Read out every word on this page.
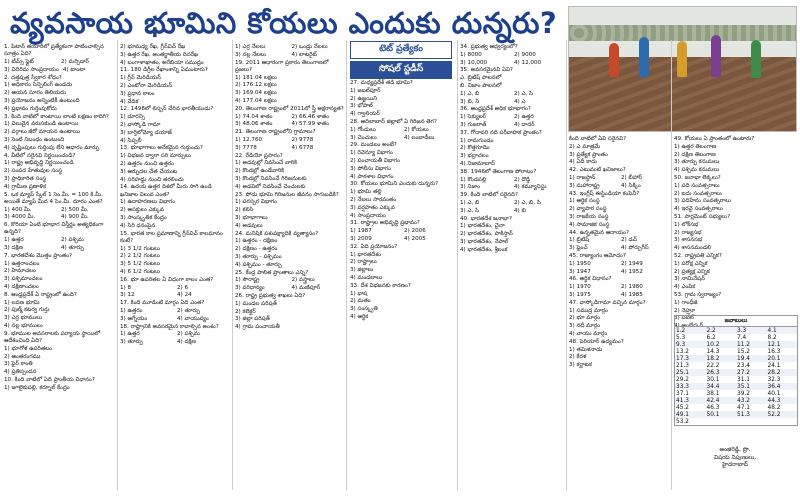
వ్యవసాయ భూమిని కోయలు ఎందుకు దున్నరు?
టెట్ ప్రత్యేకం
సోషల్ స్టడీస్

1. పిటాన్ తయారీలో ప్రత్యేకంగా పాటించాల్సిన సూత్రం ఏది?

1) టీమ్స్ ఫ్లైట్	2) మర్పిడార్
3) విదిరిమ సాంప్రదాయం 4) టాంటా

2. దత్తపుత్ర స్వీకార శోధం?

1) అధికారం సిన్ఫిలింగ్ ఉండదు

2) ఆయన సూరం తెలియదు

3) ప్రయోజనం అన్నింటికీ ఉంటుంది

4) ప్రభావం గుర్తింపుకోదు

3. కింది వాటిలో కాంటాయి లాంటి లక్షణం కాదిగి?

1) విలువైన వరుసకుండి ఉంటాయి

2) వర్గాలు జీరో మాయన ఉంటాయి

3) సెంటి నిబంధం ఉంటుంది

4) దృష్టింపులు గుర్తింపు లేని ఆధారం మార్పు

4. వీటిలో సరైనవి నిర్ణయించండి?

1) రాష్ట్ర అభివృద్ధి నిర్ణయించండి

2) సంపద హేతువుల సంస్థ

3) ప్రాధికారిత సంస్థ

4) గ్రామీణ ప్రణాళిక

5. ఒక మ్యాప్ స్కేల్ 1 సెం.మీ. = 100 కి.మీ. అయితే మ్యాప్ మీద 4 సెం.మీ. దూరం ఎంత?

1) 400 మీ.	2) 500 మీ.
3) 4000 మీ.	4) 900 మీ.

6. కొరియా ఏంటి భూభాగ విస్తీర్ణం అత్యధికంగా ఉన్నది?

1) ఉత్తర	2) పశ్చిమ
3) దక్షిణ	4) తూర్పు

7. భారతదేశం మొత్తం ప్రాంతం?

1) ఉత్తరాంచలం

2) హిమాచలం

3) పశ్చిమాంచలం

4) దక్షిణాంచలం

8. ఆంధ్రప్రదేశ్ ఏ రాష్ట్రంలో ఉంది?

1) లవణ భూమి

2) పుల్మ్ కటర్వ గుర్తు

3) ఎర్ర భూములు

4) నల్ల భూములు

9. భూముల అవసరాలకు పర్యాయ స్థాయిలో ఆదేశించింది ఏది?

1) భూగోళ ఉపరితలం

2) ఆంతరంగము

3) ఫైర్ కాంతి

4) ప్రతిస్పందన

10. కింది వాటిలో ఏది ప్రాంతీయ విధానం?

1) జూలైకుపల్లి, కర్నూల్ కేంద్రం

2) భూమధ్య రేఖ, గ్రీన్‌విచ్ రేఖ

3) ఉత్తర రేఖ, అంతర్జాతీయ దినరేఖ

4) బంగాళాఖాతం, అరేబియా సముద్రం

11. 180 డిగ్రీల రేఖాంశాన్ని ఏమంటారు?

1) గ్రీన్ మెరిడియన్

2) ఎంటోనా మెరిడియన్

3) ప్రధాన కాలం

4) వేదిక

12. 1498లో లిస్బన్ చేరిన భారతీయుడు?

1) డూరన్సి

2) వాస్కోడి గామా

3) బార్తెలోమ్యో డయాజ్

4) సిప్పలీ

13. భూభాగాలు అనేకమైన గుర్తుంచు?

1) విభజన ద్వారా సరి మార్పులు

2) ఉత్తరం నుంచి ఉత్తరం

3) ఆర్పుదల చేత చేయుట

4) సరిహద్దు నుంచి తరలించు

14. ఉదయ ఉత్తర దిశలో మీరు సాగి ఉండి ఖనిజాల విలువ ఎంత?

1) ఉదాహరణలు విభాగం

2) ఆసక్తులు ఎక్కువ

3) సాంస్కృతిక కేంద్రం

4) సిరి ధనంపైన

15. భారత కాల ప్రమాణాన్ని గ్రీన్‌విచ్ కాలమానం కంటే?

1) 3 1/2 గంటలు

2) 2 1/2 గంటలు

3) 5 1/2 గంటలు

4) 6 1/2 గంటలు

16. భూ ఉపరితల ఏ విధంగా కాలం ఎంత?

1) 8	2) 6
3) 12	4) 24

17. కింది మూడింటి మార్గం ఏది ఎంత?

1) ఉత్తరం	2) తూర్పు
3) ఆగ్నేయం	4) వాయువ్యం

18. రాష్ట్రానికి అవసరమైన కావాల్సిన అంశం?

1) ఉత్తర	2) పశ్చిమ
3) తూర్పు	4) దక్షిణ
1) ఎర్ర నేలలు	2) ఒండ్రు నేలలు
3) నల్ల నేలలు	4) లాటరైట్

19. 2011 ఆధారంగా ప్రకారం తెలంగాణలో ప్రజలు?

1) 181.04 లక్షలు

2) 176.12 లక్షలు

3) 169.04 లక్షలు

4) 177.04 లక్షలు

20. తెలంగాణ రాష్ట్రంలో 2011లో స్త్రీ అక్షరాస్యత?

1) 74.04 శాతం	2) 66.46 శాతం
3) 48.06 శాతం	4) 57.99 శాతం

21. తెలంగాణ రాష్ట్రంలోని గ్రామాలు?

1) 12,760	2) 9778
3) 7778	4) 6778

22. రేడియో ప్రసారం?

1) అడవుల్లో నివసించే వారికి

2) కొండల్లో ఉండేవారికి

3) కొండల్లో నివసించే గిరిజనులకు

4) అడవిలో నివసించే చెంచులకు

23. పోడు భూమి గిరిజనుల జీవనం సాగుబడికి?

1) పరస్పర విభాగం

2) కలిసి

3) భూభాగాలు

4) అడవులు

24. మనిషికి పశుపక్ష్యాదికి వ్యత్యాసం?

1) ఉత్తరం - దక్షిణం

2) దక్షిణం - ఉత్తరం

3) తూర్పు - పశ్చిమం

4) పశ్చిమం - తూర్పు

25. కేంద్ర పాలిత ప్రాంతాలు ఎన్ని?

1) సౌరాష్ట్ర	2) వస్త్రాలు
3) వరిధాన్యం	4) మణిపూర్

26. రాష్ట్ర ప్రభుత్వ శాఖలు ఏది?

1) మండల పరిషత్

2) కలెక్టర్

3) జిల్లా పరిషత్

4) గ్రామ పంచాయతీ

27. మధ్యప్రదేశ్ తడి భూమి?

1) జబల్‌పూర్

2) ఉజ్జయిని

3) భోపాల్

4) గ్వాలియర్

28. ఆదిలాబాద్ జిల్లాలో ఏ గిరిజన తెగ?

1) గోండులు	2) కోయలు
3) చెంచులు	4) లంబాడీలు

29. మండలం అంటే?

1) రెవెన్యూ విభాగం

2) పంచాయతీ విభాగం

3) పోలీసు విభాగం

4) పాఠశాల విభాగం

30. కోయలు భూమిని ఎందుకు దున్నరు?

1) భూమి తల్లి

2) నేలలు సారవంతం

3) వర్షపాతం ఎక్కువ

4) సాంప్రదాయం

31. రాష్ట్రాల అభివృద్ధి ప్రభావం?

1) 1987	2) 2006
3) 2009	4) 2005

32. ఏది ప్రయోజనం?

1) భారతదేశం

2) రాష్ట్రాలు

3) జిల్లాలు

4) మండలాలు

33. దేశ విభజనకు కారణం?

1) భాష

2) మతం

3) సంస్కృతి

4) ఆర్థిక

34. ప్రభుత్వ ఆధ్వర్యంలో?

1) 8000	2) 9000
3) 10,000	4) 12,000

35. అవసరమైనవి ఏవి?

ఎ. బ్రిటిష్ పాలనలో

బి. నిజాం పాలనలో

1) ఎ, బి	2) ఎ, సి
3) బి, సి	4) ఎ

36. ఆంధ్రప్రదేశ్ అధిక భూభాగం?

1) సెక్యులర్	2) ఉత్తర
3) గుజరాత్	4) దాదర్

37. గోదావరి నది పరీవాహక ప్రాంతం?

1) రామగుండం

2) కొత్తగూడెం

3) భద్రాచలం

4) నిజామాబాద్

38. 1946లో తెలంగాణ పోరాటం?

1) కొండపల్లి	2) దొడ్డి
3) నిజాం	4) కమ్యూనిస్టు

39. కింది వాటిలో సరైనది?

1) ఎ, బి	2) ఎ, బి, సి
3) ఎ, సి	4) బి

40. భారతదేశ జనాభా?

1) భారతదేశం, చైనా

2) భారతదేశం, పాకిస్తాన్

3) భారతదేశం, నేపాల్

4) భారతదేశం, శ్రీలంక

కింది వాటిలో ఏవి సరైనవి?

2) ఎ మాత్రమే

3) ప్రత్యేక ప్రాంతం

4) ఏదీ కాదు

42. ఎటువంటి ఖనిజాలు?

1) రాజస్థాన్	2) బీహార్
3) మహారాష్ట్ర	4) సిక్కిం

43. ఇంగ్లీష్ ఈస్టిండియా కంపెనీ?

1) ఆర్థిక సంస్థ

2) వ్యాపార సంస్థ

3) రాజకీయ సంస్థ

4) సామాజిక సంస్థ

44. ఉన్నతమైన ఆదాయం?

1) బ్రిటిష్	2) డచ్
3) ఫ్రెంచ్	4) పోర్చుగీస్

45. రాజ్యాంగం ఆమోదం?

1) 1950	2) 1949
3) 1947	4) 1952

46. ఆర్థిక విధానం?

1) 1970	2) 1980
3) 1975	4) 1985

47. వాస్కోడిగామా వచ్చిన మార్గం?

1) సముద్ర మార్గం

2) భూ మార్గం

3) నదీ మార్గం

4) వాయు మార్గం

48. పెరియార్ ఉద్యమం?

1) తమిళనాడు

2) కేరళ

3) కర్ణాటక

49. కోయలు ఏ ప్రాంతంలో ఉంటారు?

1) ఉత్తర తెలంగాణ

2) దక్షిణ తెలంగాణ

3) తూర్పు కనుమలు

4) పశ్చిమ కనుమలు

50. జనాభా లెక్కలు?

1) పది సంవత్సరాలు

2) ఐదు సంవత్సరాలు

3) పదిహేను సంవత్సరాలు

4) ఇరవై సంవత్సరాలు

51. పార్లమెంట్ సభ్యులు?

1) లోక్‌సభ

2) రాజ్యసభ

3) శాసనసభ

4) శాసనమండలి

52. రాష్ట్రపతి ఎన్నిక?

1) పరోక్ష ఎన్నిక

2) ప్రత్యక్ష ఎన్నిక

3) నామినేషన్

4) ఎంపిక

53. గ్రామ స్వరాజ్యం?

1) గాంధీజీ

2) నెహ్రూ

3) పటేల్

4) అంబేద్కర్

జవాబులు
1.2	2.2	3.3	4.1
5.3	6.2	7.4	8.2
9.3	10.2	11.2	12.1
13.2	14.3	15.2	16.3
17.3	18.2	19.4	20.1
21.3	22.2	23.4	24.1
25.1	26.3	27.2	28.2
29.2	30.1	31.1	32.3
33.3	34.4	35.1	36.4
37.1	38.1	39.2	40.1
41.3	42.4	43.2	44.3
45.2	46.3	47.1	48.2
49.1	50.1	51.3	52.2
53.2			
అంజిరెడ్డి, ప్రొ.
విషయ నిపుణులు,
హైదరాబాద్
